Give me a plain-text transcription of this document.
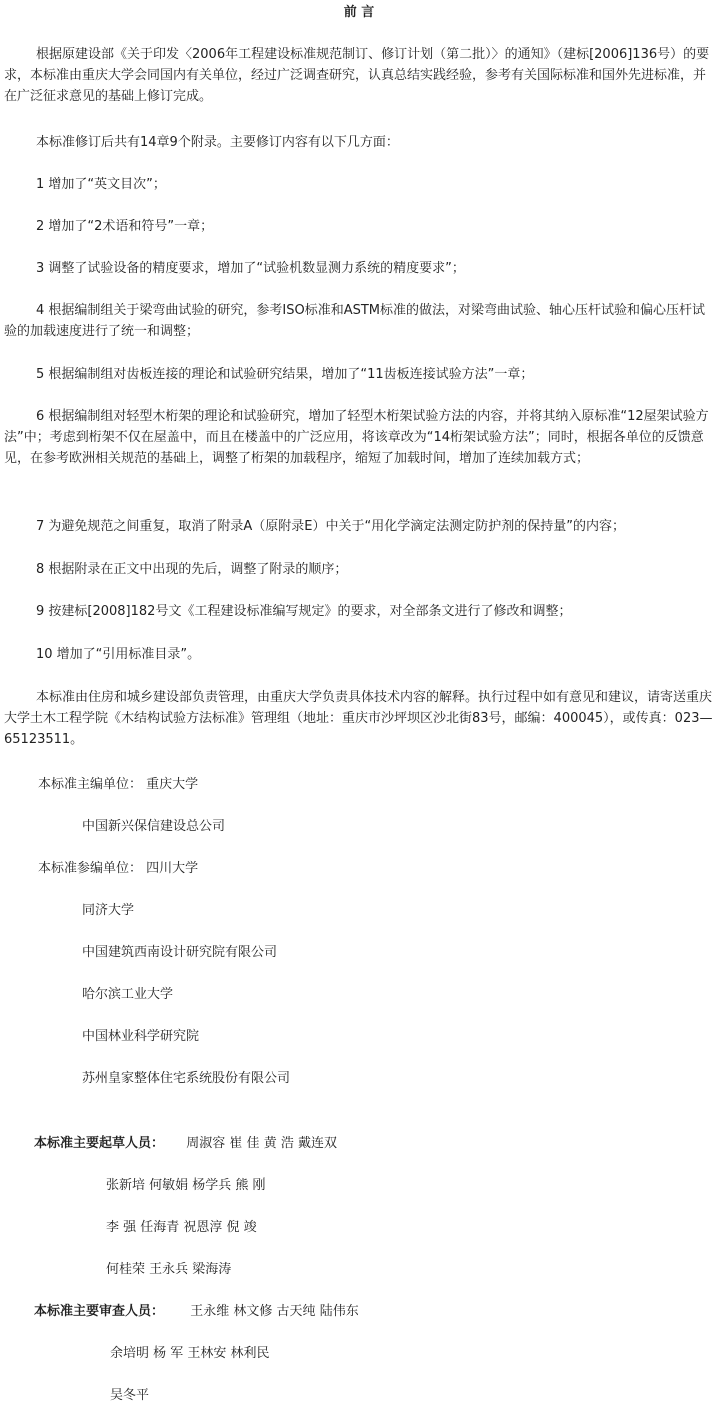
前 言

根据原建设部《关于印发〈2006年工程建设标准规范制订、修订计划（第二批）〉的通知》（建标[2006]136号）的要求，本标准由重庆大学会同国内有关单位，经过广泛调查研究，认真总结实践经验，参考有关国际标准和国外先进标准，并在广泛征求意见的基础上修订完成。

本标准修订后共有14章9个附录。主要修订内容有以下几方面：

1 增加了“英文目次”；

2 增加了“2术语和符号”一章；

3 调整了试验设备的精度要求，增加了“试验机数显测力系统的精度要求”；

4 根据编制组关于梁弯曲试验的研究，参考ISO标准和ASTM标准的做法，对梁弯曲试验、轴心压杆试验和偏心压杆试验的加载速度进行了统一和调整；

5 根据编制组对齿板连接的理论和试验研究结果，增加了“11齿板连接试验方法”一章；

6 根据编制组对轻型木桁架的理论和试验研究，增加了轻型木桁架试验方法的内容，并将其纳入原标准“12屋架试验方法”中；考虑到桁架不仅在屋盖中，而且在楼盖中的广泛应用，将该章改为“14桁架试验方法”；同时，根据各单位的反馈意见，在参考欧洲相关规范的基础上，调整了桁架的加载程序，缩短了加载时间，增加了连续加载方式；

7 为避免规范之间重复，取消了附录A（原附录E）中关于“用化学滴定法测定防护剂的保持量”的内容；

8 根据附录在正文中出现的先后，调整了附录的顺序；

9 按建标[2008]182号文《工程建设标准编写规定》的要求，对全部条文进行了修改和调整；

10 增加了“引用标准目录”。

本标准由住房和城乡建设部负责管理，由重庆大学负责具体技术内容的解释。执行过程中如有意见和建议，请寄送重庆大学土木工程学院《木结构试验方法标准》管理组（地址：重庆市沙坪坝区沙北街83号，邮编：400045），或传真：023—65123511。

本标准主编单位： 重庆大学
中国新兴保信建设总公司
本标准参编单位： 四川大学
同济大学
中国建筑西南设计研究院有限公司
哈尔滨工业大学
中国林业科学研究院
苏州皇家整体住宅系统股份有限公司
本标准主要起草人员： 周淑容 崔 佳 黄 浩 戴连双
张新培 何敏娟 杨学兵 熊 刚
李 强 任海青 祝恩淳 倪 竣
何桂荣 王永兵 梁海涛
本标准主要审查人员： 王永维 林文修 古天纯 陆伟东
余培明 杨 军 王林安 林利民
吴冬平
